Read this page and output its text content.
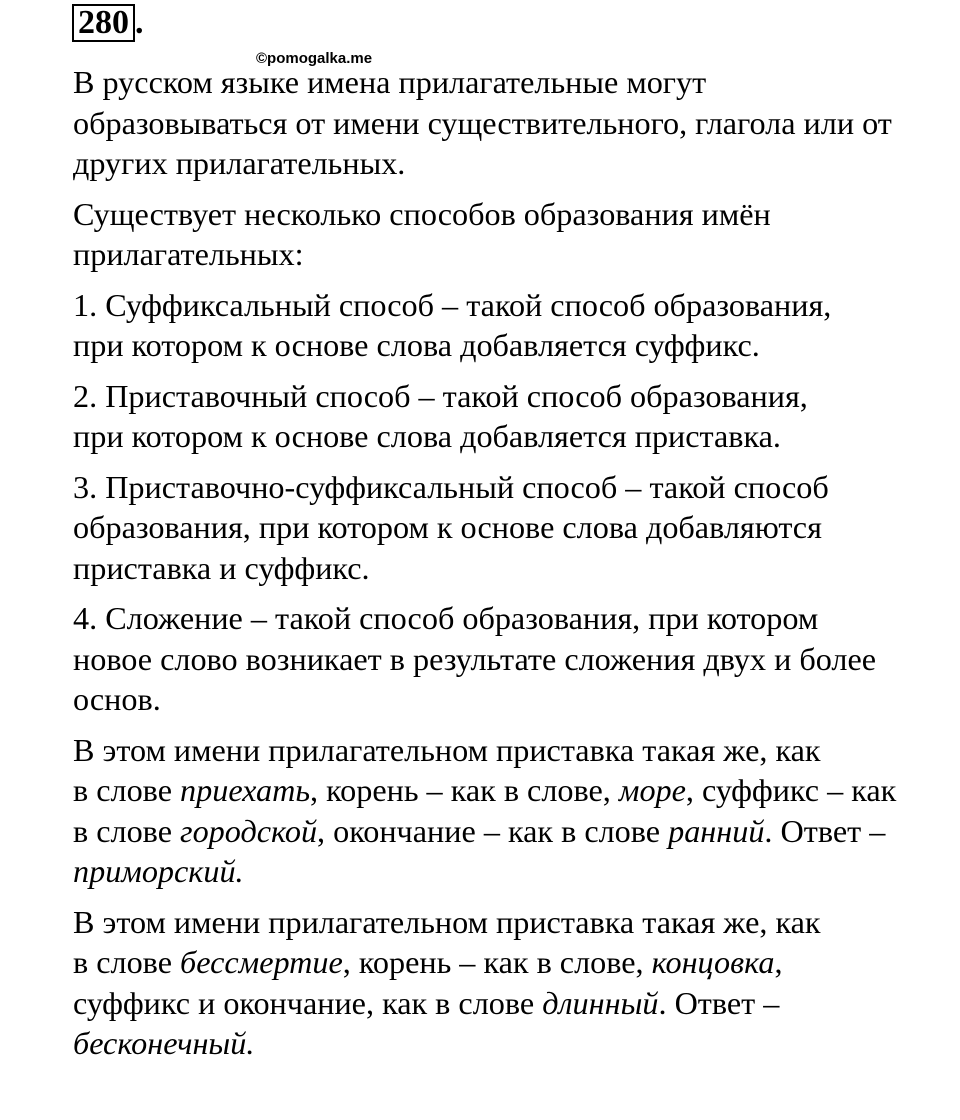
280 .
©pomogalka.me

В русском языке имена прилагательные могут
образовываться от имени существительного, глагола или от
других прилагательных.

Существует несколько способов образования имён
прилагательных:

1. Суффиксальный способ – такой способ образования,
при котором к основе слова добавляется суффикс.

2. Приставочный способ – такой способ образования,
при котором к основе слова добавляется приставка.

3. Приставочно-суффиксальный способ – такой способ
образования, при котором к основе слова добавляются
приставка и суффикс.

4. Сложение – такой способ образования, при котором
новое слово возникает в результате сложения двух и более
основ.

В этом имени прилагательном приставка такая же, как
в слове приехать, корень – как в слове, море, суффикс – как
в слове городской, окончание – как в слове ранний. Ответ –
приморский.

В этом имени прилагательном приставка такая же, как
в слове бессмертие, корень – как в слове, концовка,
суффикс и окончание, как в слове длинный. Ответ –
бесконечный.
